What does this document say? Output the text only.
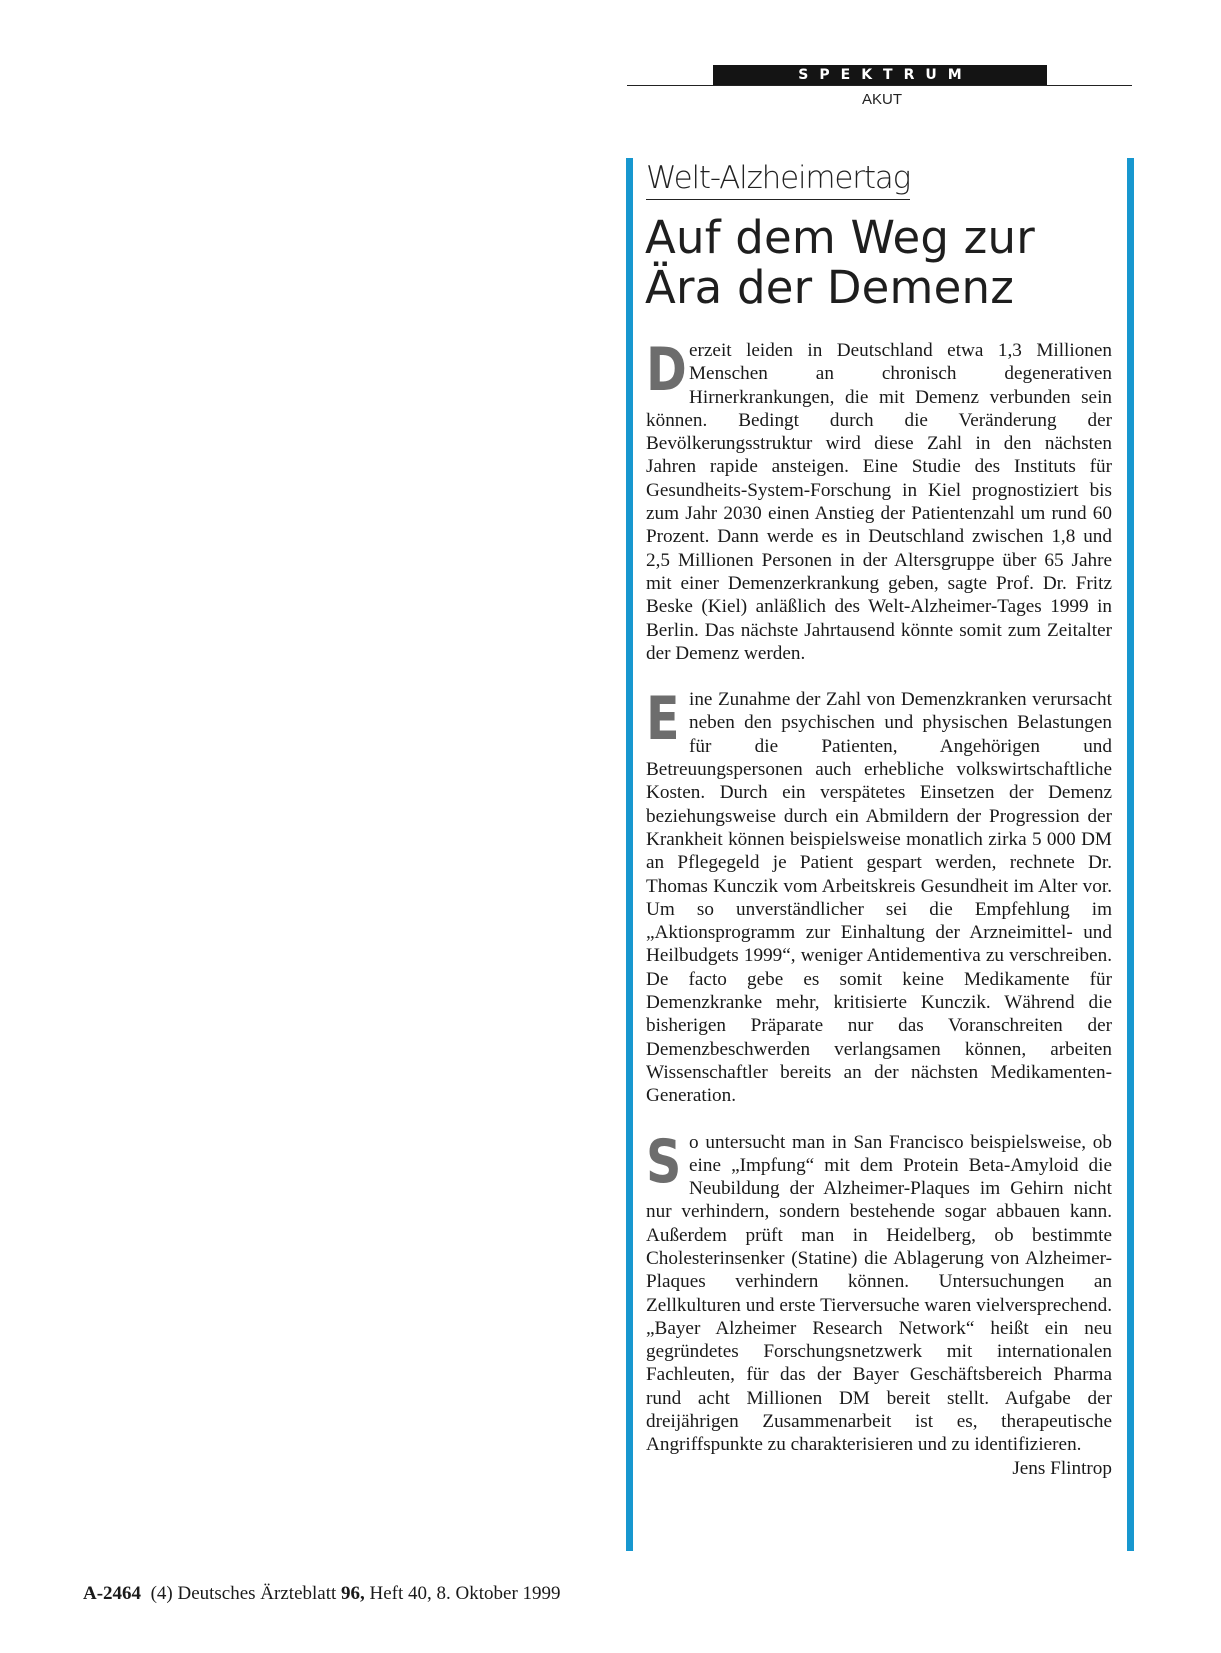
SPEKTRUM
AKUT
Welt-Alzheimertag
Auf dem Weg zur Ära der Demenz

Derzeit leiden in Deutschland etwa 1,3 Millionen Menschen an chronisch degenerativen Hirnerkrankungen, die mit Demenz verbunden sein können. Bedingt durch die Veränderung der Bevölkerungsstruktur wird diese Zahl in den nächsten Jahren rapide ansteigen. Eine Studie des Instituts für Gesundheits-System-Forschung in Kiel prognostiziert bis zum Jahr 2030 einen Anstieg der Patientenzahl um rund 60 Prozent. Dann werde es in Deutschland zwischen 1,8 und 2,5 Millionen Personen in der Altersgruppe über 65 Jahre mit einer Demenzerkrankung geben, sagte Prof. Dr. Fritz Beske (Kiel) anläßlich des Welt-Alzheimer-Tages 1999 in Berlin. Das nächste Jahrtausend könnte somit zum Zeitalter der Demenz werden.

Eine Zunahme der Zahl von Demenzkranken verursacht neben den psychischen und physischen Belastungen für die Patienten, Angehörigen und Betreuungspersonen auch erhebliche volkswirtschaftliche Kosten. Durch ein verspätetes Einsetzen der Demenz beziehungsweise durch ein Abmildern der Progression der Krankheit können beispielsweise monatlich zirka 5 000 DM an Pflegegeld je Patient gespart werden, rechnete Dr. Thomas Kunczik vom Arbeitskreis Gesundheit im Alter vor. Um so unverständlicher sei die Empfehlung im „Aktionsprogramm zur Einhaltung der Arzneimittel- und Heilbudgets 1999“, weniger Antidementiva zu verschreiben. De facto gebe es somit keine Medikamente für Demenzkranke mehr, kritisierte Kunczik. Während die bisherigen Präparate nur das Voranschreiten der Demenzbeschwerden verlangsamen können, arbeiten Wissenschaftler bereits an der nächsten Medikamenten-Generation.

So untersucht man in San Francisco beispielsweise, ob eine „Impfung“ mit dem Protein Beta-Amyloid die Neubildung der Alzheimer-Plaques im Gehirn nicht nur verhindern, sondern bestehende sogar abbauen kann. Außerdem prüft man in Heidelberg, ob bestimmte Cholesterinsenker (Statine) die Ablagerung von Alzheimer-Plaques verhindern können. Untersuchungen an Zellkulturen und erste Tierversuche waren vielversprechend. „Bayer Alzheimer Research Network“ heißt ein neu gegründetes Forschungsnetzwerk mit internationalen Fachleuten, für das der Bayer Geschäftsbereich Pharma rund acht Millionen DM bereit stellt. Aufgabe der dreijährigen Zusammenarbeit ist es, therapeutische Angriffspunkte zu charakterisieren und zu identifizieren.
Jens Flintrop

A-2464 (4) Deutsches Ärzteblatt 96, Heft 40, 8. Oktober 1999
